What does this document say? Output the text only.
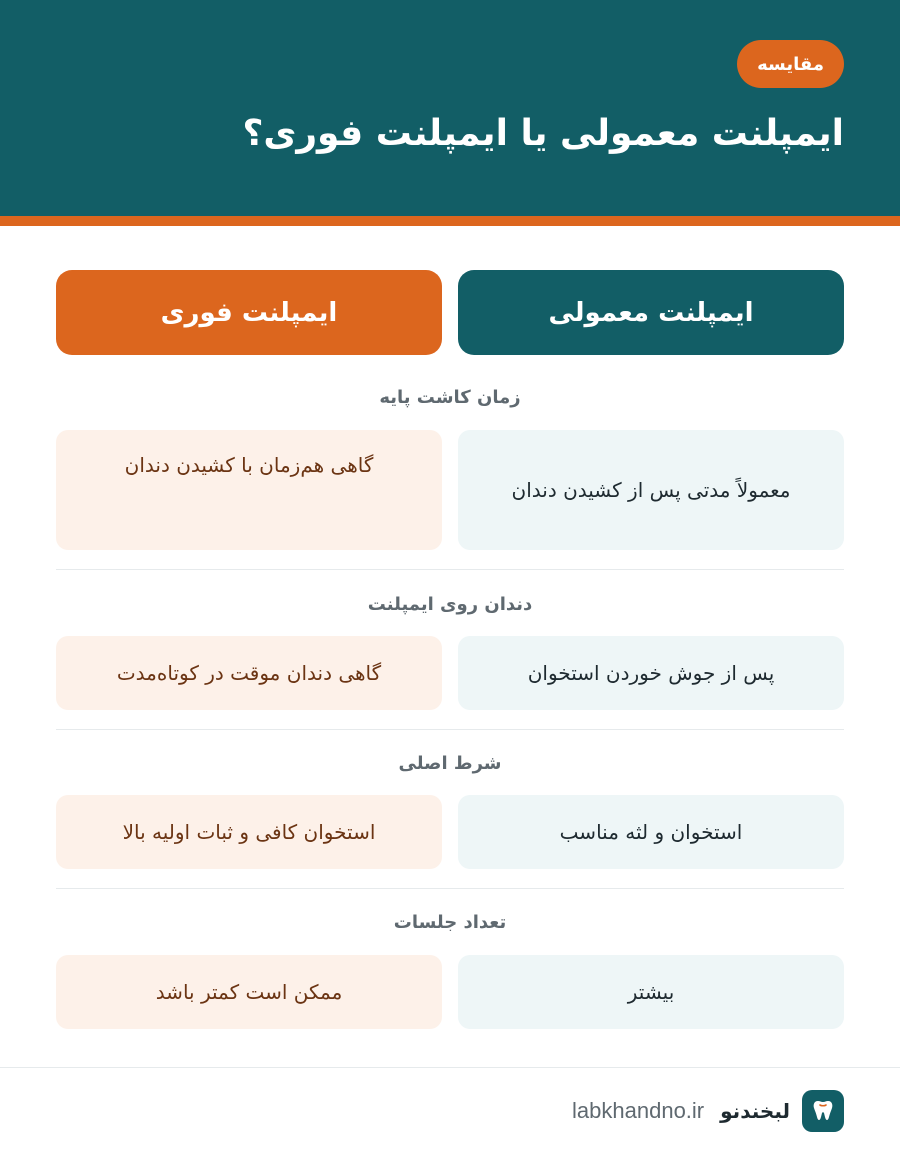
مقایسه
ایمپلنت معمولی یا ایمپلنت فوری؟
ایمپلنت معمولی
ایمپلنت فوری
زمان کاشت پایه
معمولاً مدتی پس از کشیدن دندان
گاهی هم‌زمان با کشیدن دندان
دندان روی ایمپلنت
پس از جوش خوردن استخوان
گاهی دندان موقت در کوتاه‌مدت
شرط اصلی
استخوان و لثه مناسب
استخوان کافی و ثبات اولیه بالا
تعداد جلسات
بیشتر
ممکن است کمتر باشد
لبخندنو
labkhandno.ir
